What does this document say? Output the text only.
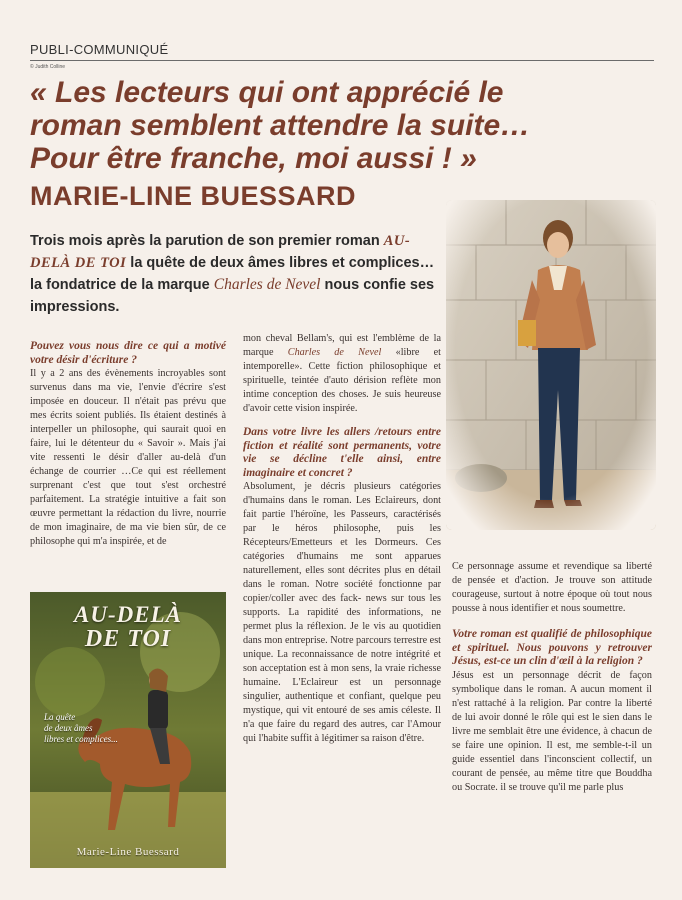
PUBLI-COMMUNIQUÉ
© Judith Colline
« Les lecteurs qui ont apprécié le
roman semblent attendre la suite…
Pour être franche, moi aussi ! »
MARIE-LINE BUESSARD

Trois mois après la parution de son premier roman AU-DELÀ DE TOI la quête de deux âmes libres et complices… la fondatrice de la marque Charles de Nevel nous confie ses impressions.

Pouvez vous nous dire ce qui a motivé votre désir d'écriture ?

Il y a 2 ans des évènements incroyables sont survenus dans ma vie, l'envie d'écrire s'est imposée en douceur. Il n'était pas prévu que mes écrits soient publiés. Ils étaient destinés à interpeller un philosophe, qui saurait quoi en faire, lui le détenteur du « Savoir ». Mais j'ai vite ressenti le désir d'aller au-delà d'un échange de courrier …Ce qui est réellement surprenant c'est que tout s'est orchestré parfaitement. La stratégie intuitive a fait son œuvre permettant la rédaction du livre, nourrie de mon imaginaire, de ma vie bien sûr, de ce philosophe qui m'a inspirée, et de

AU-DELÀ
DE TOI
La quête
de deux âmes
libres et complices...
Marie-Line Buessard

mon cheval Bellam's, qui est l'emblème de la marque Charles de Nevel «libre et intemporelle». Cette fiction philosophique et spirituelle, teintée d'auto dérision reflète mon intime conception des choses. Je suis heureuse d'avoir cette vision inspirée.

Dans votre livre les allers /retours entre fiction et réalité sont permanents, votre vie se décline t'elle ainsi, entre imaginaire et concret ?

Absolument, je décris plusieurs catégories d'humains dans le roman. Les Eclaireurs, dont fait partie l'héroïne, les Passeurs, caractérisés par le héros philosophe, puis les Récepteurs/Emetteurs et les Dormeurs. Ces catégories d'humains me sont apparues naturellement, elles sont décrites plus en détail dans le roman. Notre société fonctionne par copier/coller avec des fack- news sur tous les supports. La rapidité des informations, ne permet plus la réflexion. Je le vis au quotidien dans mon entreprise. Notre parcours terrestre est unique. La reconnaissance de notre intégrité et son acceptation est à mon sens, la vraie richesse humaine. L'Eclaireur est un personnage singulier, authentique et confiant, quelque peu mystique, qui vit entouré de ses amis céleste. Il n'a que faire du regard des autres, car l'Amour qui l'habite suffit à légitimer sa raison d'être.

Ce personnage assume et revendique sa liberté de pensée et d'action. Je trouve son attitude courageuse, surtout à notre époque où tout nous pousse à nous identifier et nous soumettre.

Votre roman est qualifié de philosophique et spirituel. Nous pouvons y retrouver Jésus, est-ce un clin d'œil à la religion ?

Jésus est un personnage décrit de façon symbolique dans le roman. A aucun moment il n'est rattaché à la religion. Par contre la liberté de lui avoir donné le rôle qui est le sien dans le livre me semblait être une évidence, à chacun de se faire une opinion. Il est, me semble-t-il un guide essentiel dans l'inconscient collectif, un courant de pensée, au même titre que Bouddha ou Socrate. il se trouve qu'il me parle plus
